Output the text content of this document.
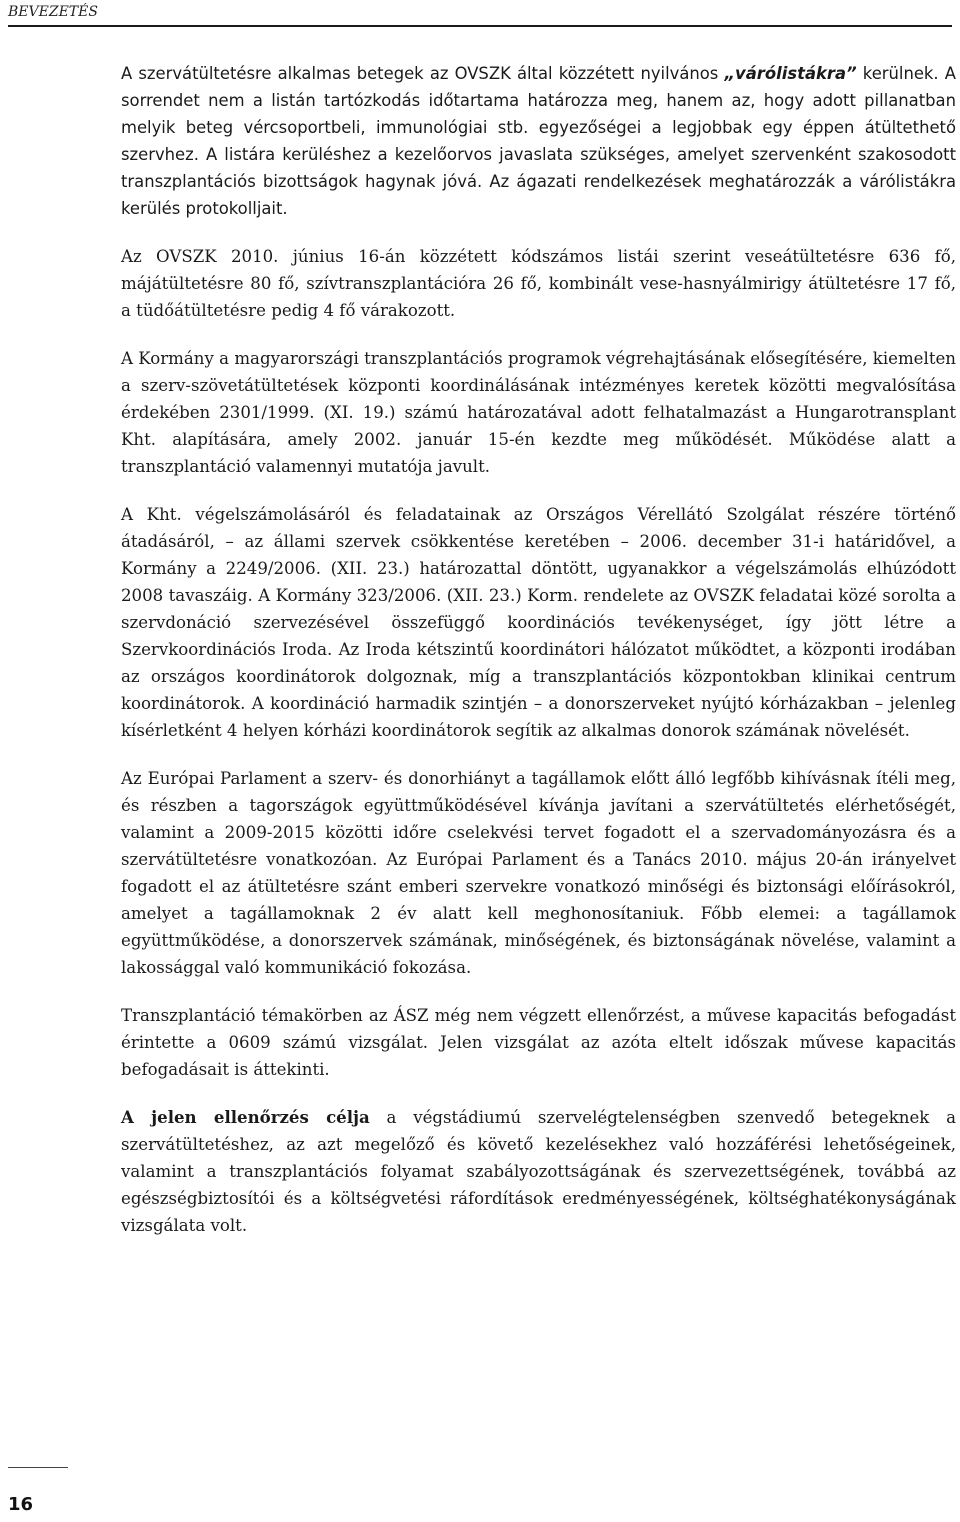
BEVEZETÉS

A szervátültetésre alkalmas betegek az OVSZK által közzétett nyilvános „várólistákra” kerülnek. A sorrendet nem a listán tartózkodás időtartama határozza meg, hanem az, hogy adott pillanatban melyik beteg vércsoportbeli, immunológiai stb. egyezőségei a legjobbak egy éppen átültethető szervhez. A listára kerüléshez a kezelőorvos javaslata szükséges, amelyet szervenként szakosodott transzplantációs bizottságok hagynak jóvá. Az ágazati rendelkezések meghatározzák a várólistákra kerülés protokolljait.

Az OVSZK 2010. június 16-án közzétett kódszámos listái szerint veseátültetésre 636 fő, májátültetésre 80 fő, szívtranszplantációra 26 fő, kombinált vese-hasnyálmirigy átültetésre 17 fő, a tüdőátültetésre pedig 4 fő várakozott.

A Kormány a magyarországi transzplantációs programok végrehajtásának elősegítésére, kiemelten a szerv-szövetátültetések központi koordinálásának intézményes keretek közötti megvalósítása érdekében 2301/1999. (XI. 19.) számú határozatával adott felhatalmazást a Hungarotransplant Kht. alapítására, amely 2002. január 15-én kezdte meg működését. Működése alatt a transzplantáció valamennyi mutatója javult.

A Kht. végelszámolásáról és feladatainak az Országos Vérellátó Szolgálat részére történő átadásáról, – az állami szervek csökkentése keretében – 2006. december 31-i határidővel, a Kormány a 2249/2006. (XII. 23.) határozattal döntött, ugyanakkor a végelszámolás elhúzódott 2008 tavaszáig. A Kormány 323/2006. (XII. 23.) Korm. rendelete az OVSZK feladatai közé sorolta a szervdonáció szervezésével összefüggő koordinációs tevékenységet, így jött létre a Szervkoordinációs Iroda. Az Iroda kétszintű koordinátori hálózatot működtet, a központi irodában az országos koordinátorok dolgoznak, míg a transzplantációs központokban klinikai centrum koordinátorok. A koordináció harmadik szintjén – a donorszerveket nyújtó kórházakban – jelenleg kísérletként 4 helyen kórházi koordinátorok segítik az alkalmas donorok számának növelését.

Az Európai Parlament a szerv- és donorhiányt a tagállamok előtt álló legfőbb kihívásnak ítéli meg, és részben a tagországok együttműködésével kívánja javítani a szervátültetés elérhetőségét, valamint a 2009-2015 közötti időre cselekvési tervet fogadott el a szervadományozásra és a szervátültetésre vonatkozóan. Az Európai Parlament és a Tanács 2010. május 20-án irányelvet fogadott el az átültetésre szánt emberi szervekre vonatkozó minőségi és biztonsági előírásokról, amelyet a tagállamoknak 2 év alatt kell meghonosítaniuk. Főbb elemei: a tagállamok együttműködése, a donorszervek számának, minőségének, és biztonságának növelése, valamint a lakossággal való kommunikáció fokozása.

Transzplantáció témakörben az ÁSZ még nem végzett ellenőrzést, a művese kapacitás befogadást érintette a 0609 számú vizsgálat. Jelen vizsgálat az azóta eltelt időszak művese kapacitás befogadásait is áttekinti.

A jelen ellenőrzés célja a végstádiumú szervelégtelenségben szenvedő betegeknek a szervátültetéshez, az azt megelőző és követő kezelésekhez való hozzáférési lehetőségeinek, valamint a transzplantációs folyamat szabályozottságának és szervezettségének, továbbá az egészségbiztosítói és a költségvetési ráfordítások eredményességének, költséghatékonyságának vizsgálata volt.

16
